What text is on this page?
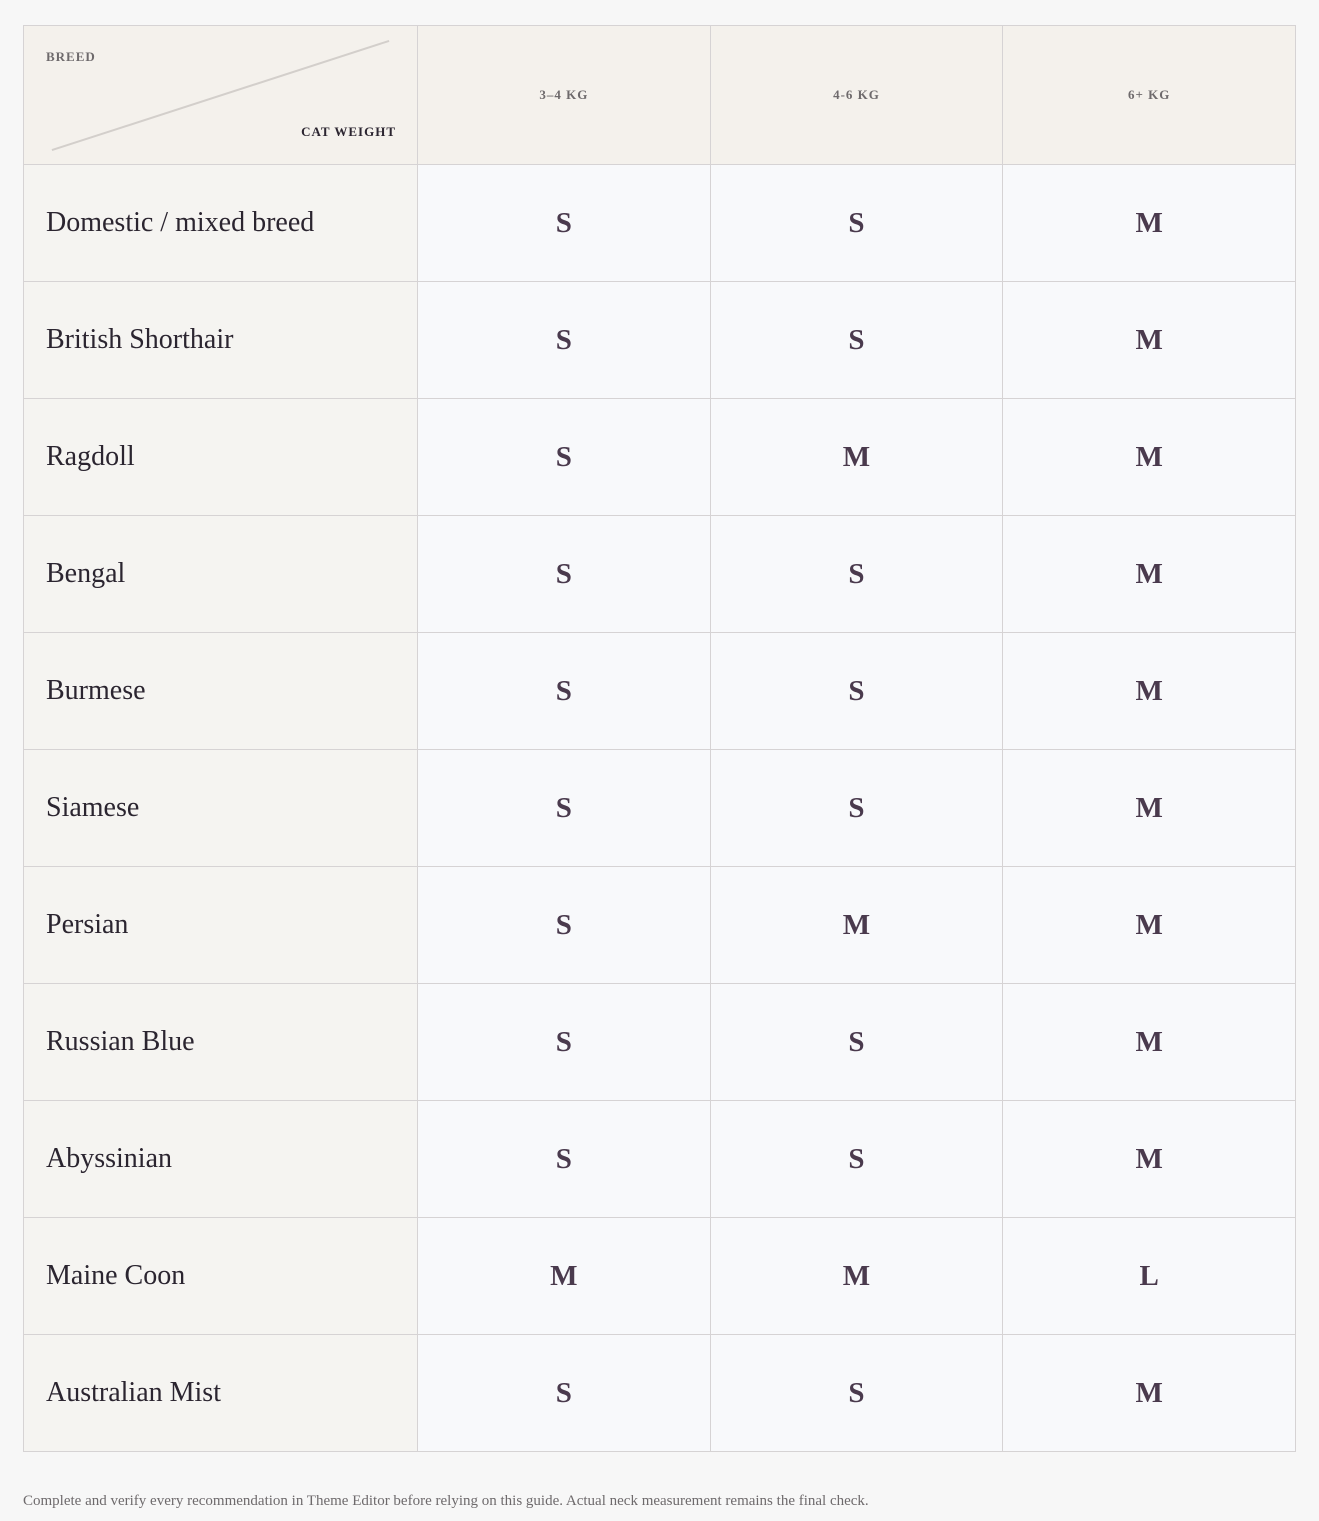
BREED
CAT WEIGHT	3–4 KG	4-6 KG	6+ KG
Domestic / mixed breed	S	S	M
British Shorthair	S	S	M
Ragdoll	S	M	M
Bengal	S	S	M
Burmese	S	S	M
Siamese	S	S	M
Persian	S	M	M
Russian Blue	S	S	M
Abyssinian	S	S	M
Maine Coon	M	M	L
Australian Mist	S	S	M

Complete and verify every recommendation in Theme Editor before relying on this guide. Actual neck measurement remains the final check.
